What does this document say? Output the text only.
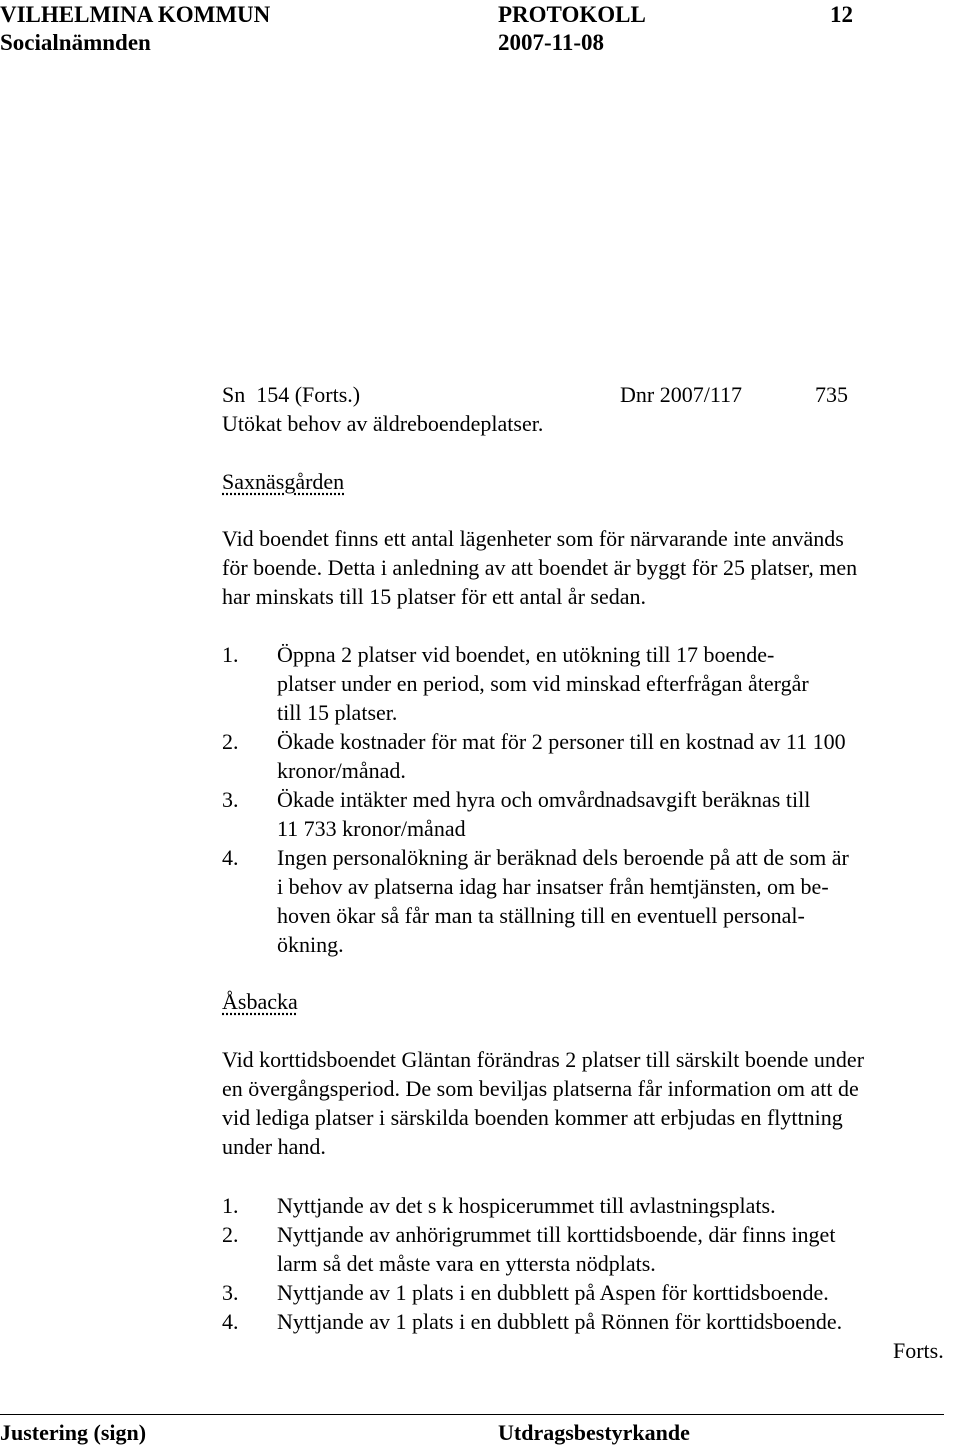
VILHELMINA KOMMUN	PROTOKOLL	12
Socialnämnden	2007-11-08
Sn  154 (Forts.)	Dnr 2007/117	735
Utökat behov av äldreboendeplatser.
Saxnäsgården
Vid boendet finns ett antal lägenheter som för närvarande inte används
för boende. Detta i anledning av att boendet är byggt för 25 platser, men
har minskats till 15 platser för ett antal år sedan.
1. Öppna 2 platser vid boendet, en utökning till 17 boende-
platser under en period, som vid minskad efterfrågan återgår
till 15 platser.
2. Ökade kostnader för mat för 2 personer till en kostnad av 11 100
kronor/månad.
3. Ökade intäkter med hyra och omvårdnadsavgift beräknas till
11 733 kronor/månad
4. Ingen personalökning är beräknad dels beroende på att de som är
i behov av platserna idag har insatser från hemtjänsten, om be-
hoven ökar så får man ta ställning till en eventuell personal-
ökning.
Åsbacka
Vid korttidsboendet Gläntan förändras 2 platser till särskilt boende under
en övergångsperiod. De som beviljas platserna får information om att de
vid lediga platser i särskilda boenden kommer att erbjudas en flyttning
under hand.
1. Nyttjande av det s k hospicerummet till avlastningsplats.
2. Nyttjande av anhörigrummet till korttidsboende, där finns inget
larm så det måste vara en yttersta nödplats.
3. Nyttjande av 1 plats i en dubblett på Aspen för korttidsboende.
4. Nyttjande av 1 plats i en dubblett på Rönnen för korttidsboende.
Forts.
Justering (sign)	Utdragsbestyrkande
